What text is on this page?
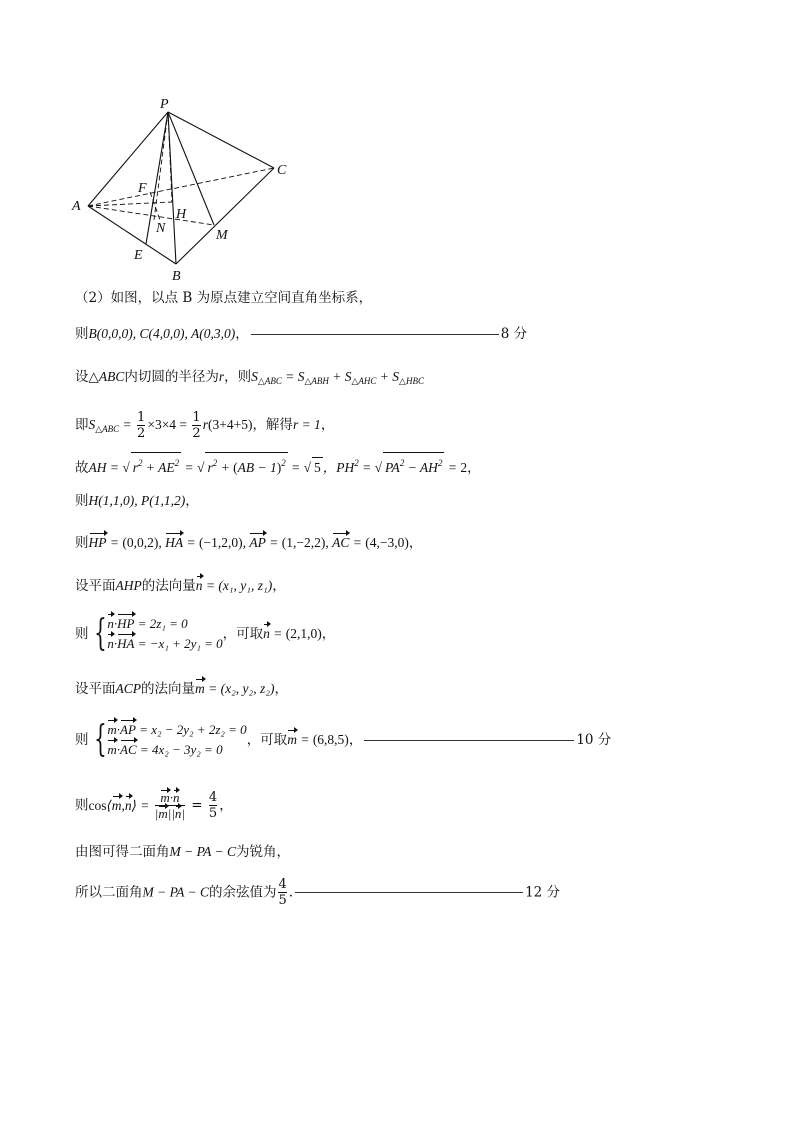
P
A
B
C
E
F
H
N	M
（2）如图，以点 B 为原点建立空间直角坐标系，
则B(0,0,0), C(4,0,0), A(0,3,0)，	8 分
设△ABC内切圆的半径为r，则$S_{\triangle ABC} = S_{\triangle ABH} + S_{\triangle AHC} + S_{\triangle HBC}$
即$S_{\triangle ABC} = \frac{1}{2} \times 3\times 4 = \frac{1}{2} r(3+4+5)$，解得r = 1，
故AH = √ $r^2 + AE^2$ = √ $r^2 + (AB - 1)^2$ = √ 5 ，$PH^2$ = √ $PA^2 - AH^2 = 2$，
则H(1,1,0), P(1,1,2)，
则HP = (0,0,2), HA = (−1,2,0), AP = (1,−2,2), AC = (4,−3,0)，
设平面AHP的法向量n = (x₁, y₁, z₁)，
则 { n·HP = 2z₁ = 0
n·HA = −x₁ + 2y₁ = 0
，可取n = (2,1,0)，
设平面ACP的法向量m = (x₂, y₂, z₂)，
则 { m·AP = x₂ − 2y₂ + 2z₂ = 0
m·AC = 4x₂ − 3y₂ = 0
，可取m = (6,8,5)，	10 分
则cos⟨m,n⟩ = $\frac{m\cdot n}{|m||n|} = \frac{4}{5}$ ，
由图可得二面角M − PA − C为锐角，
所以二面角M − PA − C的余弦值为 $\frac{4}{5}$ .	12 分
